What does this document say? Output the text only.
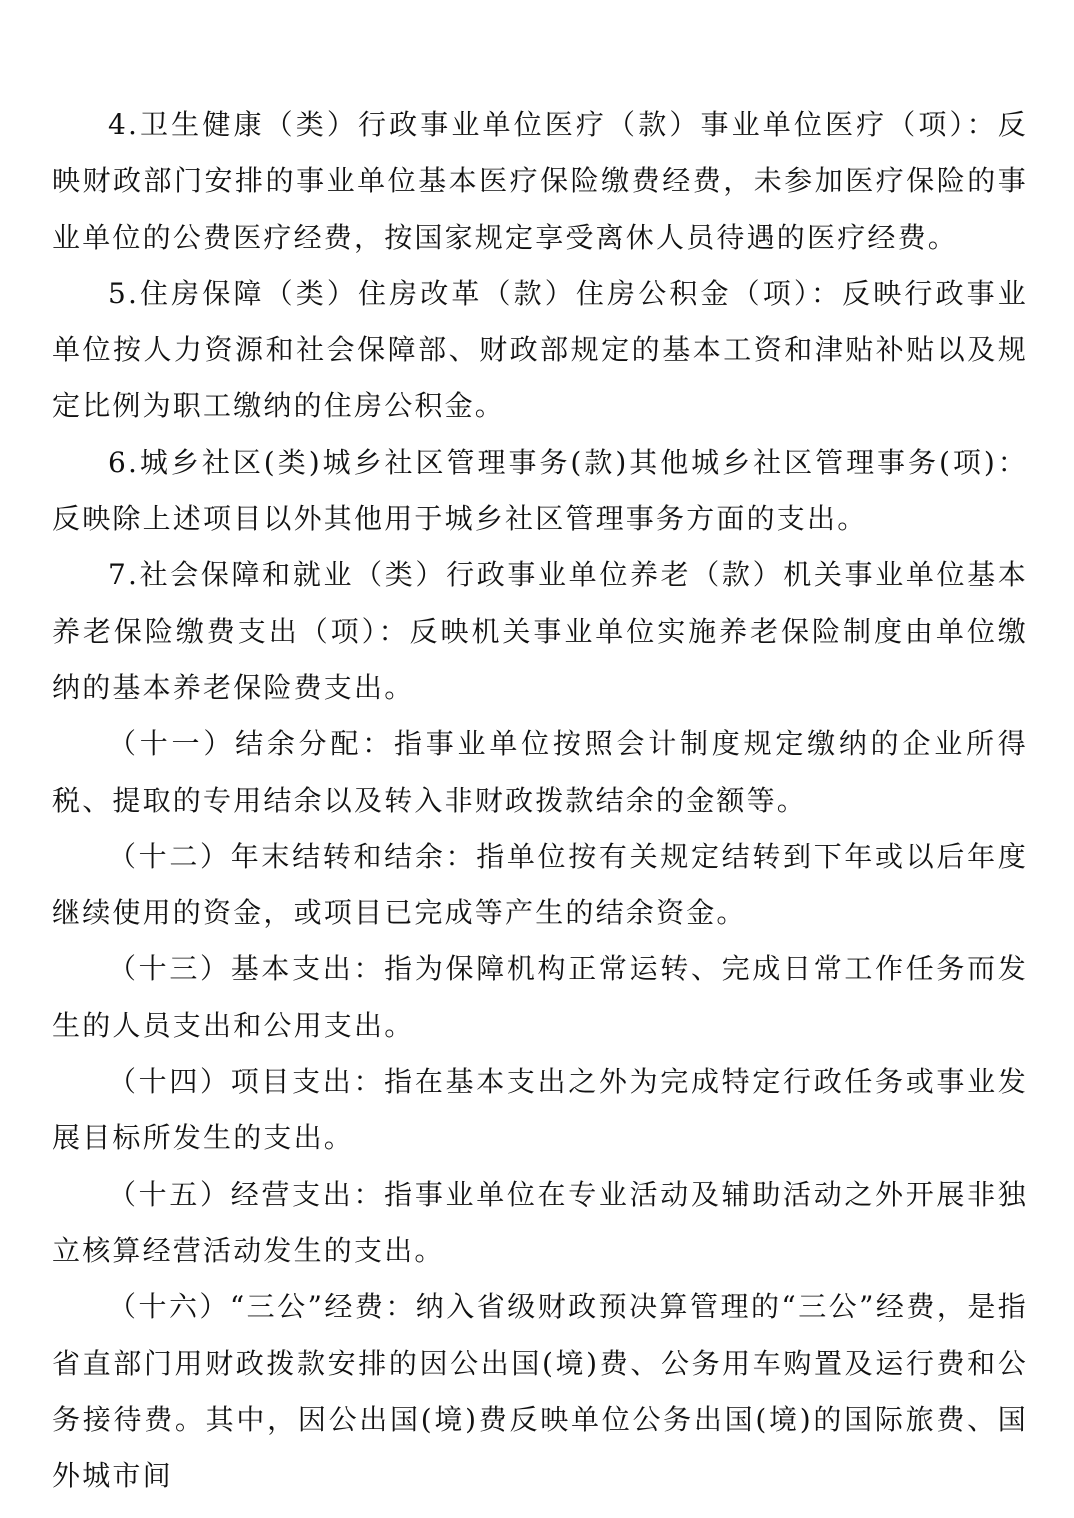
4.卫生健康（类）行政事业单位医疗（款）事业单位医疗（项）：反映财政部门安排的事业单位基本医疗保险缴费经费，未参加医疗保险的事业单位的公费医疗经费，按国家规定享受离休人员待遇的医疗经费。

5.住房保障（类）住房改革（款）住房公积金（项）：反映行政事业单位按人力资源和社会保障部、财政部规定的基本工资和津贴补贴以及规定比例为职工缴纳的住房公积金。

6.城乡社区(类)城乡社区管理事务(款)其他城乡社区管理事务(项)：反映除上述项目以外其他用于城乡社区管理事务方面的支出。

7.社会保障和就业（类）行政事业单位养老（款）机关事业单位基本养老保险缴费支出（项）：反映机关事业单位实施养老保险制度由单位缴纳的基本养老保险费支出。

（十一）结余分配：指事业单位按照会计制度规定缴纳的企业所得税、提取的专用结余以及转入非财政拨款结余的金额等。

（十二）年末结转和结余：指单位按有关规定结转到下年或以后年度继续使用的资金，或项目已完成等产生的结余资金。

（十三）基本支出：指为保障机构正常运转、完成日常工作任务而发生的人员支出和公用支出。

（十四）项目支出：指在基本支出之外为完成特定行政任务或事业发展目标所发生的支出。

（十五）经营支出：指事业单位在专业活动及辅助活动之外开展非独立核算经营活动发生的支出。

（十六）“三公”经费：纳入省级财政预决算管理的“三公”经费，是指省直部门用财政拨款安排的因公出国(境)费、公务用车购置及运行费和公务接待费。其中，因公出国(境)费反映单位公务出国(境)的国际旅费、国外城市间
